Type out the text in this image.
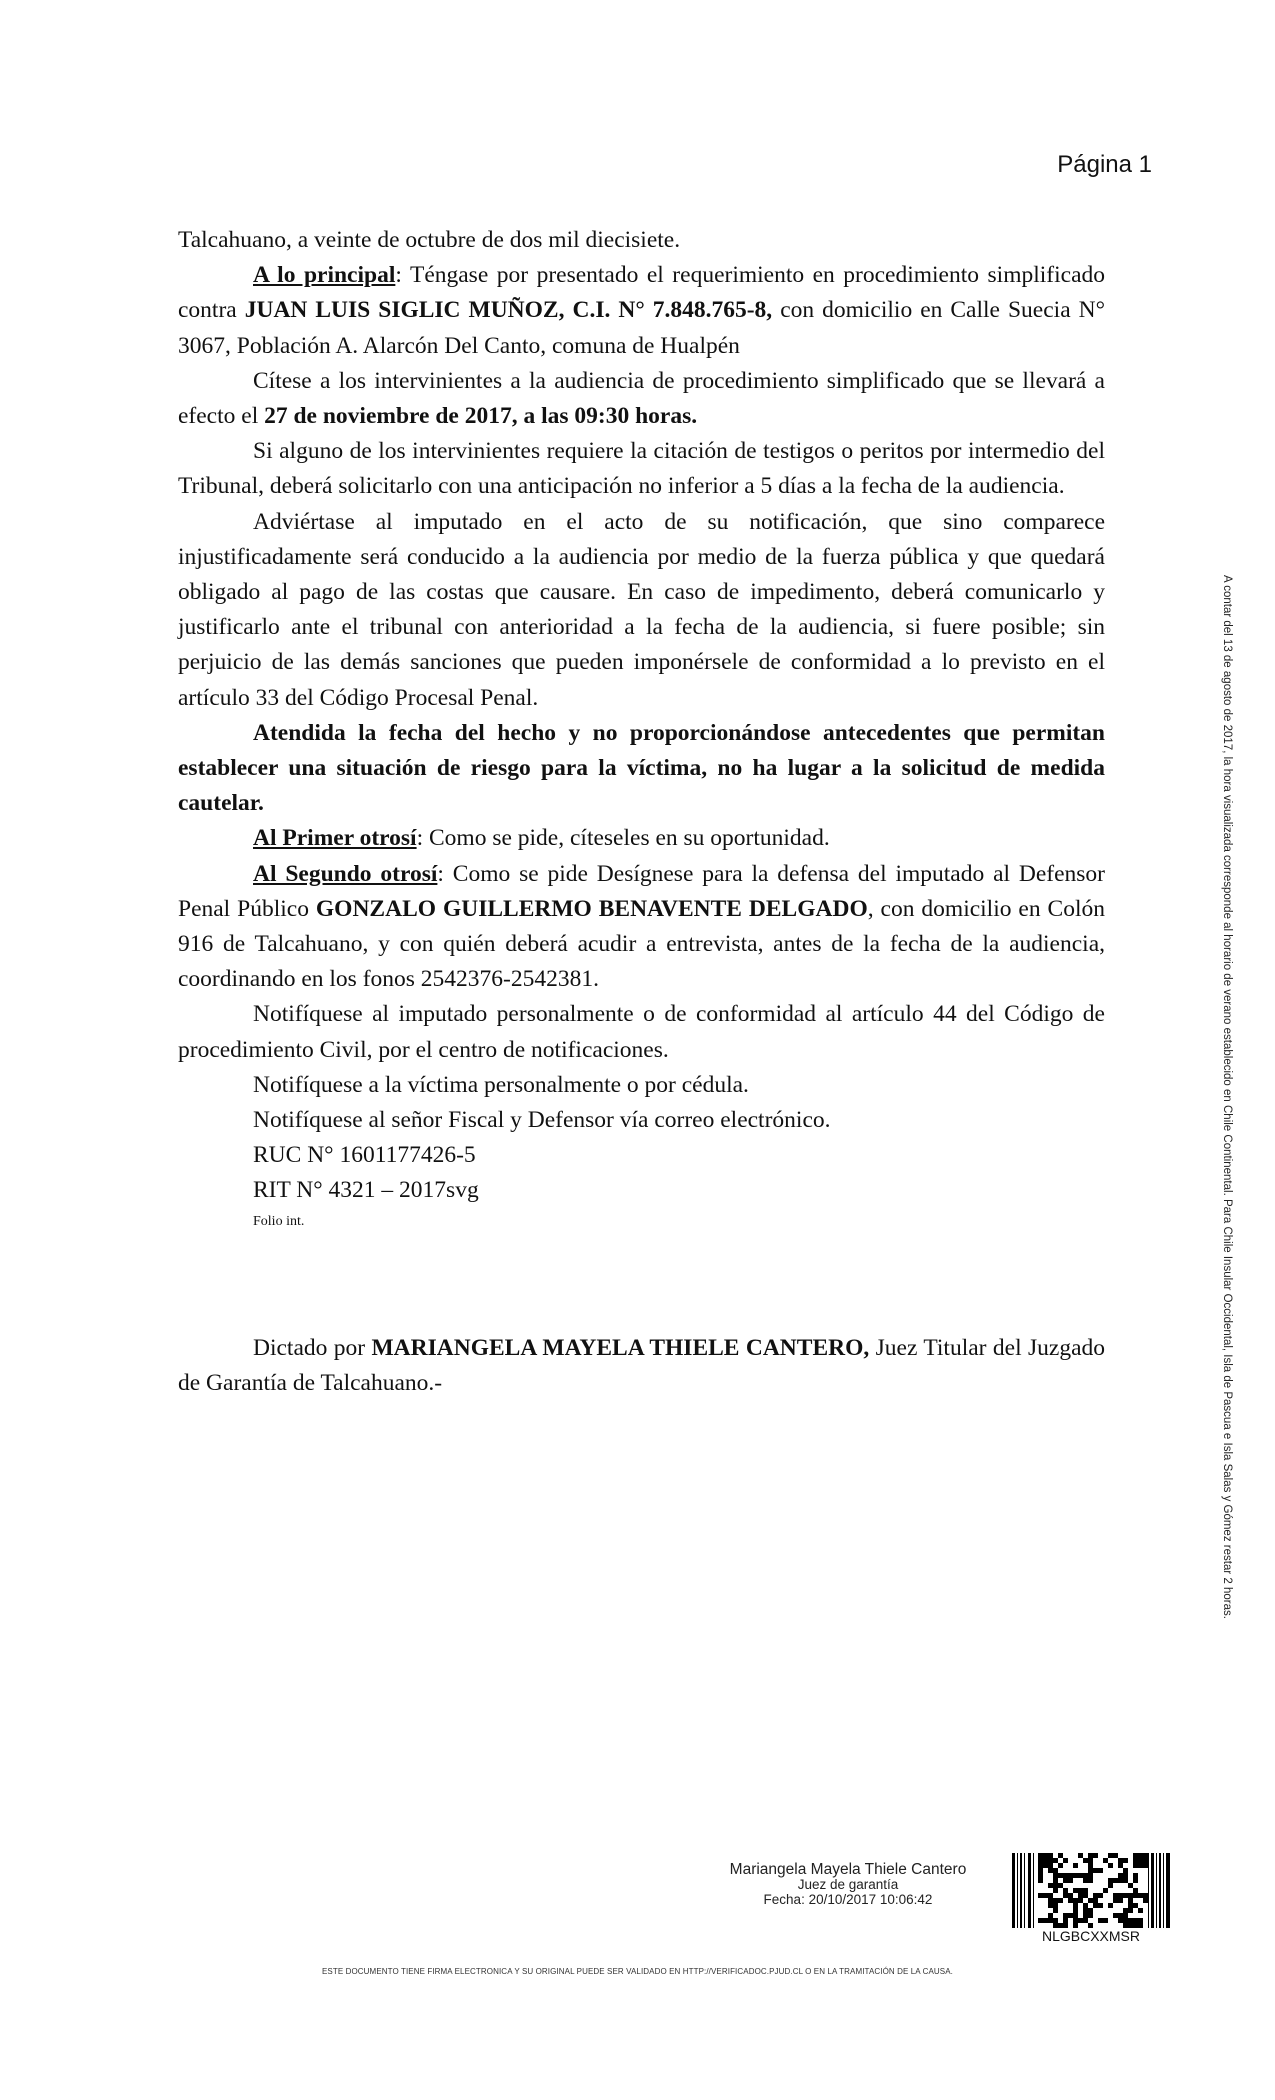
Página 1

Talcahuano, a veinte de octubre de dos mil diecisiete.

A lo principal: Téngase por presentado el requerimiento en procedimiento simplificado contra JUAN LUIS SIGLIC MUÑOZ, C.I. N° 7.848.765-8, con domicilio en Calle Suecia N° 3067, Población A. Alarcón Del Canto, comuna de Hualpén

Cítese a los intervinientes a la audiencia de procedimiento simplificado que se llevará a efecto el 27 de noviembre de 2017, a las 09:30 horas.

Si alguno de los intervinientes requiere la citación de testigos o peritos por intermedio del Tribunal, deberá solicitarlo con una anticipación no inferior a 5 días a la fecha de la audiencia.

Adviértase al imputado en el acto de su notificación, que sino comparece injustificadamente será conducido a la audiencia por medio de la fuerza pública y que quedará obligado al pago de las costas que causare. En caso de impedimento, deberá comunicarlo y justificarlo ante el tribunal con anterioridad a la fecha de la audiencia, si fuere posible; sin perjuicio de las demás sanciones que pueden imponérsele de conformidad a lo previsto en el artículo 33 del Código Procesal Penal.

Atendida la fecha del hecho y no proporcionándose antecedentes que permitan establecer una situación de riesgo para la víctima, no ha lugar a la solicitud de medida cautelar.

Al Primer otrosí: Como se pide, cíteseles en su oportunidad.

Al Segundo otrosí: Como se pide Desígnese para la defensa del imputado al Defensor Penal Público GONZALO GUILLERMO BENAVENTE DELGADO, con domicilio en Colón 916 de Talcahuano, y con quién deberá acudir a entrevista, antes de la fecha de la audiencia, coordinando en los fonos 2542376-2542381.

Notifíquese al imputado personalmente o de conformidad al artículo 44 del Código de procedimiento Civil, por el centro de notificaciones.

Notifíquese a la víctima personalmente o por cédula.

Notifíquese al señor Fiscal y Defensor vía correo electrónico.

RUC N° 1601177426-5

RIT N° 4321 – 2017svg

Folio int.

Dictado por MARIANGELA MAYELA THIELE CANTERO, Juez Titular del Juzgado de Garantía de Talcahuano.-	A contar del 13 de agosto de 2017, la hora visualizada corresponde al horario de verano establecido en Chile Continental. Para Chile Insular Occidental, Isla de Pascua e Isla Salas y Gómez restar 2 horas.
Mariangela Mayela Thiele Cantero
Juez de garantía
Fecha: 20/10/2017 10:06:42
NLGBCXXMSR
ESTE DOCUMENTO TIENE FIRMA ELECTRONICA Y SU ORIGINAL PUEDE SER VALIDADO EN HTTP://VERIFICADOC.PJUD.CL O EN LA TRAMITACIÓN DE LA CAUSA.
